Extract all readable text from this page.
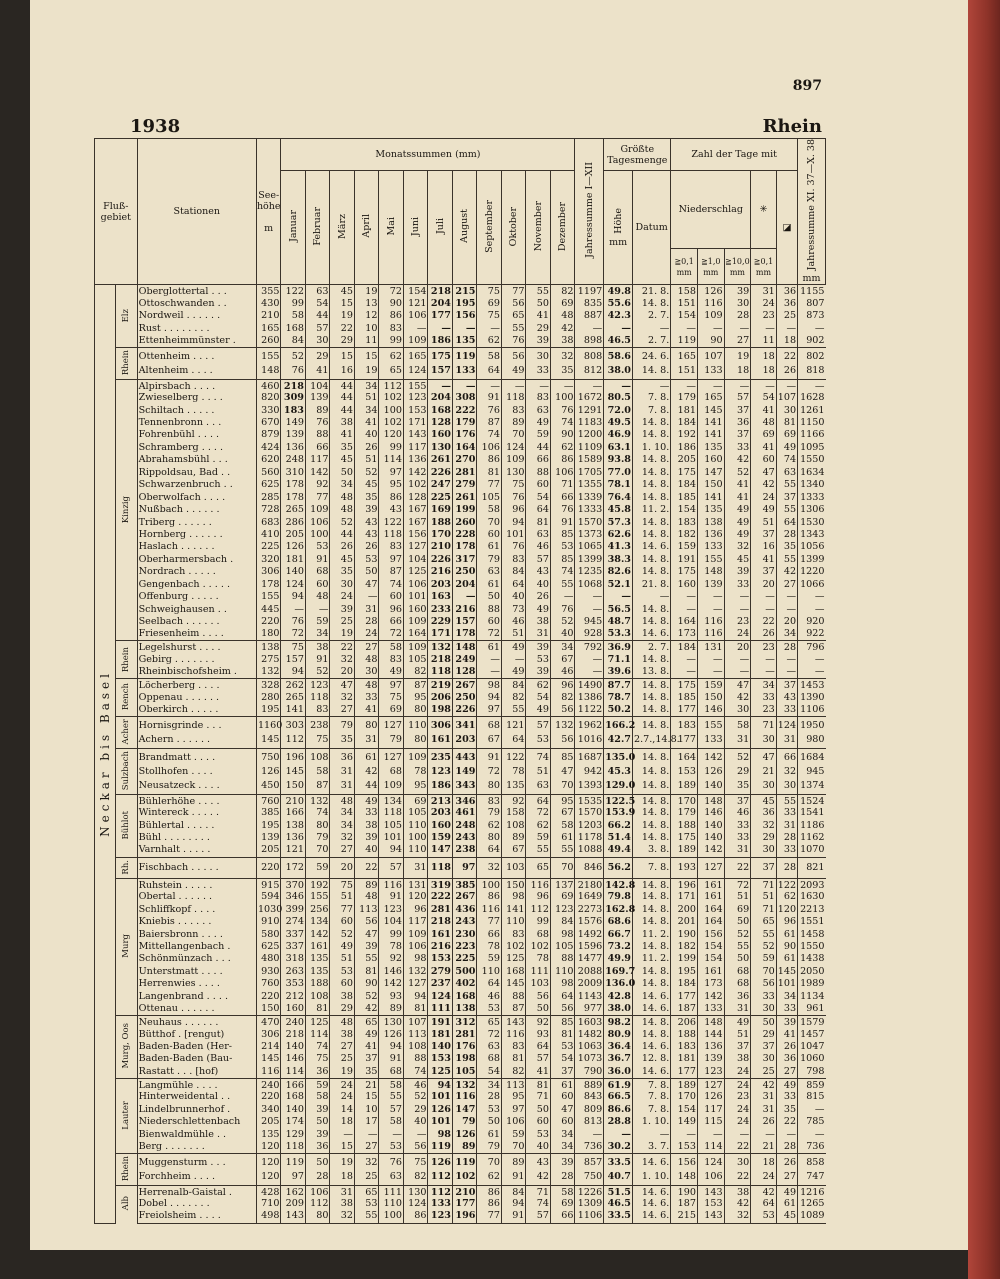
897
1938	Rhein
Fluß- gebiet		Stationen	See- höhe

m	Monatssummen (mm)												Jahressumme I—XII	Größte Tagesmenge		Zahl der Tage mit					Jahressumme XI. 37—X. 38
mm
				Januar	Februar	März	April	Mai	Juni	Juli	August	September	Oktober	November	Dezember		Höhe
mm	Datum	Niederschlag			✳	◪	
																			≧0,1
mm	≧1,0
mm	≧10,0
mm	≧0,1
mm		
Neckar bis Basel	Elz	Oberglottertal . . .	355	122	63	45	19	72	154	218	215	75	77	55	82	1197	49.8	21. 8.	158	126	39	31	36	1155
		Ottoschwanden . .	430	99	54	15	13	90	121	204	195	69	56	50	69	835	55.6	14. 8.	151	116	30	24	36	807
		Nordweil . . . . . .	210	58	44	19	12	86	106	177	156	75	65	41	48	887	42.3	2. 7.	154	109	28	23	25	873
		Rust . . . . . . . .	165	168	57	22	10	83	—	—	—	—	55	29	42	—	—	—	—	—	—	—	—	—
		Ettenheimmünster .	260	84	30	29	11	99	109	186	135	62	76	39	38	898	46.5	2. 7.	119	90	27	11	18	902
	Rhein	Ottenheim . . . .	155	52	29	15	15	62	165	175	119	58	56	30	32	808	58.6	24. 6.	165	107	19	18	22	802
		Altenheim . . . .	148	76	41	16	19	65	124	157	133	64	49	33	35	812	38.0	14. 8.	151	133	18	18	26	818
	Kinzig	Alpirsbach . . . .	460	218	104	44	34	112	155	—	—	—	—	—	—	—	—	—	—	—	—	—	—	—
		Zwieselberg . . . .	820	309	139	44	51	102	123	204	308	91	118	83	100	1672	80.5	7. 8.	179	165	57	54	107	1628
		Schiltach . . . . .	330	183	89	44	34	100	153	168	222	76	83	63	76	1291	72.0	7. 8.	181	145	37	41	30	1261
		Tennenbronn . . .	670	149	76	38	41	102	171	128	179	87	89	49	74	1183	49.5	14. 8.	184	141	36	48	81	1150
		Fohrenbühl . . . .	879	139	88	41	40	120	143	160	176	74	70	59	90	1200	46.9	14. 8.	192	141	37	69	69	1166
		Schramberg . . . .	424	136	66	35	26	99	117	130	164	106	124	44	62	1109	63.1	1. 10.	186	135	33	41	49	1095
		Abrahamsbühl . . .	620	248	117	45	51	114	136	261	270	86	109	66	86	1589	93.8	14. 8.	205	160	42	60	74	1550
		Rippoldsau, Bad . .	560	310	142	50	52	97	142	226	281	81	130	88	106	1705	77.0	14. 8.	175	147	52	47	63	1634
		Schwarzenbruch . .	625	178	92	34	45	95	102	247	279	77	75	60	71	1355	78.1	14. 8.	184	150	41	42	55	1340
		Oberwolfach . . . .	285	178	77	48	35	86	128	225	261	105	76	54	66	1339	76.4	14. 8.	185	141	41	24	37	1333
		Nußbach . . . . . .	728	265	109	48	39	43	167	169	199	58	96	64	76	1333	45.8	11. 2.	154	135	49	49	55	1306
		Triberg . . . . . .	683	286	106	52	43	122	167	188	260	70	94	81	91	1570	57.3	14. 8.	183	138	49	51	64	1530
		Hornberg . . . . . .	410	205	100	44	43	118	156	170	228	60	101	63	85	1373	62.6	14. 8.	182	136	49	37	28	1343
		Haslach . . . . . .	225	126	53	26	26	83	127	210	178	61	76	46	53	1065	41.3	14. 6.	159	133	32	16	35	1056
		Oberharmersbach .	320	181	91	45	53	97	104	226	317	79	83	57	85	1399	38.3	14. 8.	191	155	45	41	55	1399
		Nordrach . . . . .	306	140	68	35	50	87	125	216	250	63	84	43	74	1235	82.6	14. 8.	175	148	39	37	42	1220
		Gengenbach . . . . .	178	124	60	30	47	74	106	203	204	61	64	40	55	1068	52.1	21. 8.	160	139	33	20	27	1066
		Offenburg . . . . .	155	94	48	24	—	60	101	163	—	50	40	26	—	—	—	—	—	—	—	—	—	—
		Schweighausen . .	445	—	—	39	31	96	160	233	216	88	73	49	76	—	56.5	14. 8.	—	—	—	—	—	—
		Seelbach . . . . . .	220	76	59	25	28	66	109	229	157	60	46	38	52	945	48.7	14. 8.	164	116	23	22	20	920
		Friesenheim . . . .	180	72	34	19	24	72	164	171	178	72	51	31	40	928	53.3	14. 6.	173	116	24	26	34	922
	Rhein	Legelshurst . . . .	138	75	38	22	27	58	109	132	148	61	49	39	34	792	36.9	2. 7.	184	131	20	23	28	796
		Gebirg . . . . . . .	275	157	91	32	48	83	105	218	249	—	—	53	67	—	71.1	14. 8.	—	—	—	—	—	—
		Rheinbischofsheim .	132	94	52	20	30	49	82	118	128	—	49	39	46	—	39.6	13. 8.	—	—	—	—	—	—
	Rench	Löcherberg . . . .	328	262	123	47	48	97	87	219	267	98	84	62	96	1490	87.7	14. 8.	175	159	47	34	37	1453
		Oppenau . . . . . .	280	265	118	32	33	75	95	206	250	94	82	54	82	1386	78.7	14. 8.	185	150	42	33	43	1390
		Oberkirch . . . . .	195	141	83	27	41	69	80	198	226	97	55	49	56	1122	50.2	14. 8.	177	146	30	23	33	1106
	Acher	Hornisgrinde . . .	1160	303	238	79	80	127	110	306	341	68	121	57	132	1962	166.2	14. 8.	183	155	58	71	124	1950
		Achern . . . . . .	145	112	75	35	31	79	80	161	203	67	64	53	56	1016	42.7	2.7.,14.8.	177	133	31	30	31	980
	Sulzbach	Brandmatt . . . .	750	196	108	36	61	127	109	235	443	91	122	74	85	1687	135.0	14. 8.	164	142	52	47	66	1684
		Stollhofen . . . .	126	145	58	31	42	68	78	123	149	72	78	51	47	942	45.3	14. 8.	153	126	29	21	32	945
		Neusatzeck . . . .	450	150	87	31	44	109	95	186	343	80	135	63	70	1393	129.0	14. 8.	189	140	35	30	30	1374
	Bühlot	Bühlerhöhe . . . .	760	210	132	48	49	134	69	213	346	83	92	64	95	1535	122.5	14. 8.	170	148	37	45	55	1524
		Wintereck . . . . .	385	166	74	34	33	118	105	203	461	79	158	72	67	1570	153.9	14. 8.	179	146	46	36	33	1541
		Bühlertal . . . . .	195	138	80	34	38	105	110	160	248	62	108	62	58	1203	66.2	14. 8.	188	140	33	32	31	1186
		Bühl . . . . . . . .	139	136	79	32	39	101	100	159	243	80	89	59	61	1178	51.4	14. 8.	175	140	33	29	28	1162
		Varnhalt . . . . .	205	121	70	27	40	94	110	147	238	64	67	55	55	1088	49.4	3. 8.	189	142	31	30	33	1070
	Rh.	Fischbach . . . . .	220	172	59	20	22	57	31	118	97	32	103	65	70	846	56.2	7. 8.	193	127	22	37	28	821
	Murg	Ruhstein . . . . .	915	370	192	75	89	116	131	319	385	100	150	116	137	2180	142.8	14. 8.	196	161	72	71	122	2093
		Obertal . . . . . .	594	346	155	51	48	91	120	222	267	86	98	96	69	1649	79.8	14. 8.	171	161	51	51	62	1630
		Schliffkopf . . . .	1030	399	256	77	113	123	96	281	436	116	141	112	123	2273	162.8	14. 8.	200	164	69	71	120	2213
		Kniebis . . . . . .	910	274	134	60	56	104	117	218	243	77	110	99	84	1576	68.6	14. 8.	201	164	50	65	96	1551
		Baiersbronn . . . .	580	337	142	52	47	99	109	161	230	66	83	68	98	1492	66.7	11. 2.	190	156	52	55	61	1458
		Mittellangenbach .	625	337	161	49	39	78	106	216	223	78	102	102	105	1596	73.2	14. 8.	182	154	55	52	90	1550
		Schönmünzach . . .	480	318	135	51	55	92	98	153	225	59	125	78	88	1477	49.9	11. 2.	199	154	50	59	61	1438
		Unterstmatt . . . .	930	263	135	53	81	146	132	279	500	110	168	111	110	2088	169.7	14. 8.	195	161	68	70	145	2050
		Herrenwies . . . .	760	353	188	60	90	142	127	237	402	64	145	103	98	2009	136.0	14. 8.	184	173	68	56	101	1989
		Langenbrand . . . .	220	212	108	38	52	93	94	124	168	46	88	56	64	1143	42.8	14. 6.	177	142	36	33	34	1134
		Ottenau . . . . . .	150	160	81	29	42	89	81	111	138	53	87	50	56	977	38.0	14. 6.	187	133	31	30	33	961
	Murg, Oos	Neuhaus . . . . . .	470	240	125	48	65	130	107	191	312	65	143	92	85	1603	98.2	14. 8.	206	148	49	50	39	1579
		Bütthof . [rengut)	306	218	114	38	49	126	113	181	281	72	116	93	81	1482	80.9	14. 8.	188	144	51	29	41	1457
		Baden-Baden (Her-	214	140	74	27	41	94	108	140	176	63	83	64	53	1063	36.4	14. 6.	183	136	37	37	26	1047
		Baden-Baden (Bau-	145	146	75	25	37	91	88	153	198	68	81	57	54	1073	36.7	12. 8.	181	139	38	30	36	1060
		Rastatt . . . [hof)	116	114	36	19	35	68	74	125	105	54	82	41	37	790	36.0	14. 6.	177	123	24	25	27	798
	Lauter	Langmühle . . . .	240	166	59	24	21	58	46	94	132	34	113	81	61	889	61.9	7. 8.	189	127	24	42	49	859
		Hinterweidental . .	220	168	58	24	15	55	52	101	116	28	95	71	60	843	66.5	7. 8.	170	126	23	31	33	815
		Lindelbrunnerhof .	340	140	39	14	10	57	29	126	147	53	97	50	47	809	86.6	7. 8.	154	117	24	31	35	—
		Niederschlettenbach	205	174	50	18	17	58	40	101	79	50	106	60	60	813	28.8	1. 10.	149	115	24	26	22	785
		Bienwaldmühle . .	135	129	39	—	—	—	—	98	126	61	59	53	34	—	—	—	—	—	—	—	—	—
		Berg . . . . . . .	120	118	36	15	27	53	56	119	89	79	70	40	34	736	30.2	3. 7.	153	114	22	21	28	736
	Rhein	Muggensturm . . .	120	119	50	19	32	76	75	126	119	70	89	43	39	857	33.5	14. 6.	156	124	30	18	26	858
		Forchheim . . . .	120	97	28	18	25	63	82	112	102	62	91	42	28	750	40.7	1. 10.	148	106	22	24	27	747
	Alb	Herrenalb-Gaistal .	428	162	106	31	65	111	130	112	210	86	84	71	58	1226	51.5	14. 6.	190	143	38	42	49	1216
		Dobel . . . . . . .	710	209	112	38	53	110	124	133	177	86	94	74	69	1309	46.5	14. 6.	187	153	42	64	61	1265
		Freiolsheim . . . .	498	143	80	32	55	100	86	123	196	77	91	57	66	1106	33.5	14. 6.	215	143	32	53	45	1089
